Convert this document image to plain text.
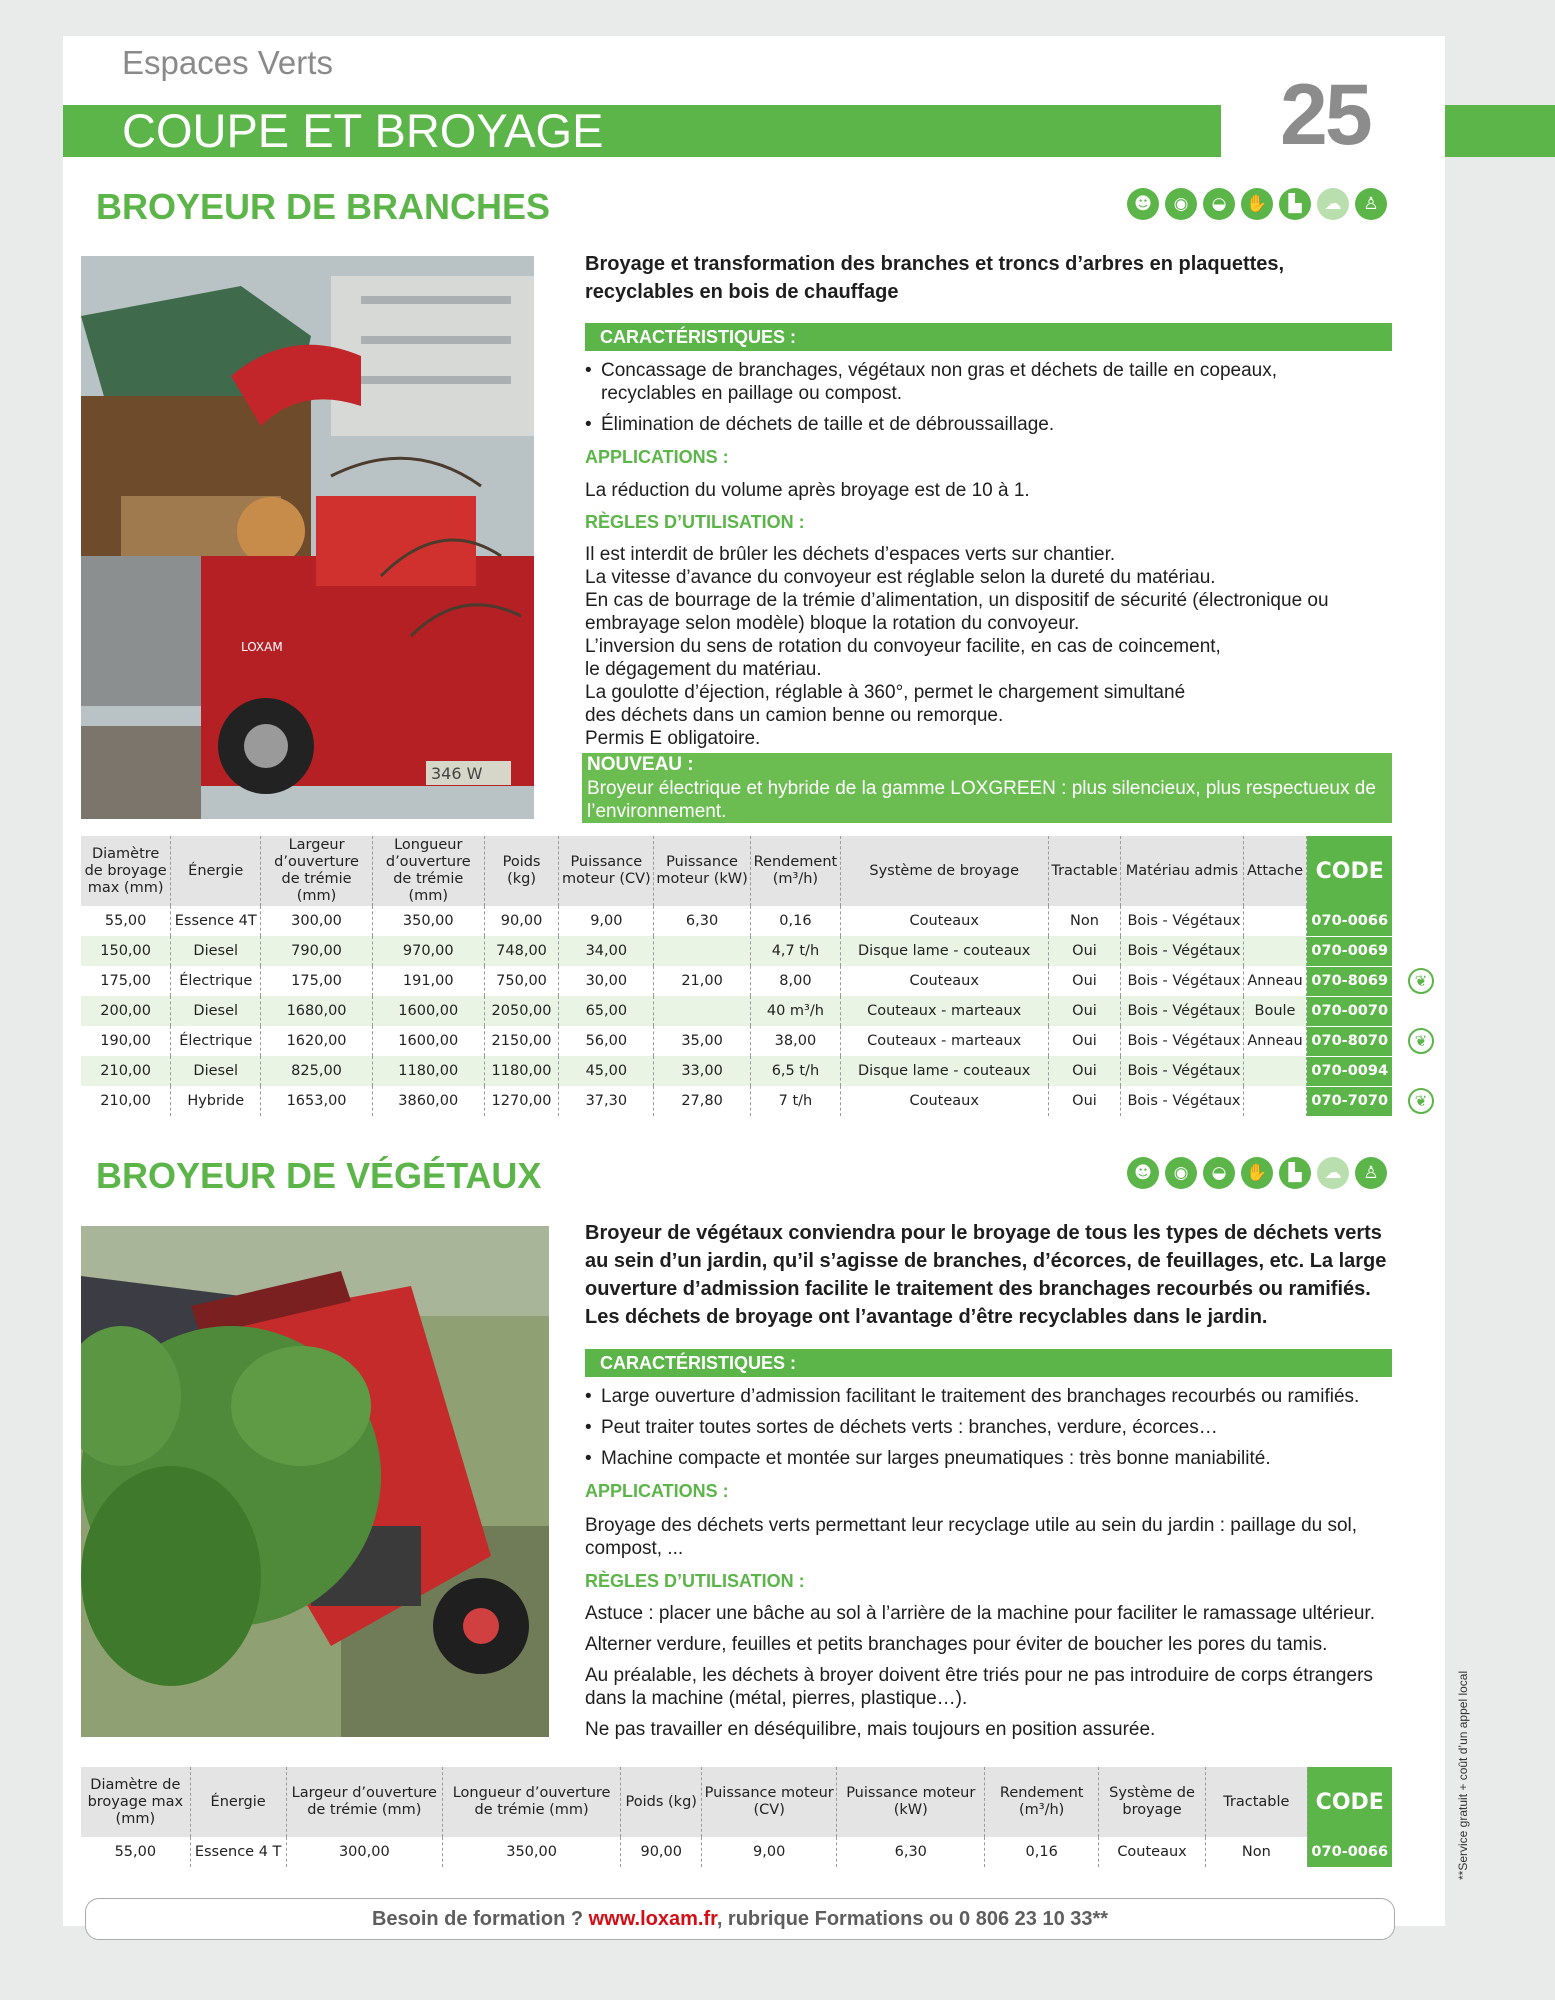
Espaces Verts
COUPE ET BROYAGE	25
BROYEUR DE BRANCHES	☻	◉	◒	✋	▙	☁	♙
LOXAM
346 W
Broyage et transformation des branches et troncs d’arbres en plaquettes, recyclables en bois de chauffage
CARACTÉRISTIQUES :
• Concassage de branchages, végétaux non gras et déchets de taille en copeaux, recyclables en paillage ou compost.
• Élimination de déchets de taille et de débroussaillage.
APPLICATIONS :
La réduction du volume après broyage est de 10 à 1.
RÈGLES D’UTILISATION :
Il est interdit de brûler les déchets d’espaces verts sur chantier.
La vitesse d’avance du convoyeur est réglable selon la dureté du matériau.
En cas de bourrage de la trémie d’alimentation, un dispositif de sécurité (électronique ou
embrayage selon modèle) bloque la rotation du convoyeur.
L’inversion du sens de rotation du convoyeur facilite, en cas de coincement,
le dégagement du matériau.
La goulotte d’éjection, réglable à 360°, permet le chargement simultané
des déchets dans un camion benne ou remorque.
Permis E obligatoire.
NOUVEAU :
Broyeur électrique et hybride de la gamme LOXGREEN : plus silencieux, plus respectueux de l’environnement.
Diamètre de broyage max (mm)	Énergie	Largeur d’ouverture de trémie (mm)	Longueur d’ouverture de trémie (mm)	Poids (kg)	Puissance moteur (CV)	Puissance moteur (kW)	Rendement (m³/h)	Système de broyage	Tractable	Matériau admis	Attache	CODE
55,00	Essence 4T	300,00	350,00	90,00	9,00	6,30	0,16	Couteaux	Non	Bois - Végétaux		070-0066
150,00	Diesel	790,00	970,00	748,00	34,00		4,7 t/h	Disque lame - couteaux	Oui	Bois - Végétaux		070-0069
175,00	Électrique	175,00	191,00	750,00	30,00	21,00	8,00	Couteaux	Oui	Bois - Végétaux	Anneau	070-8069
200,00	Diesel	1680,00	1600,00	2050,00	65,00		40 m³/h	Couteaux - marteaux	Oui	Bois - Végétaux	Boule	070-0070
190,00	Électrique	1620,00	1600,00	2150,00	56,00	35,00	38,00	Couteaux - marteaux	Oui	Bois - Végétaux	Anneau	070-8070
210,00	Diesel	825,00	1180,00	1180,00	45,00	33,00	6,5 t/h	Disque lame - couteaux	Oui	Bois - Végétaux		070-0094
210,00	Hybride	1653,00	3860,00	1270,00	37,30	27,80	7 t/h	Couteaux	Oui	Bois - Végétaux		070-7070
❦
❦
❦
BROYEUR DE VÉGÉTAUX	☻	◉	◒	✋	▙	☁	♙
Broyeur de végétaux conviendra pour le broyage de tous les types de déchets verts au sein d’un jardin, qu’il s’agisse de branches, d’écorces, de feuillages, etc. La large ouverture d’admission facilite le traitement des branchages recourbés ou ramifiés. Les déchets de broyage ont l’avantage d’être recyclables dans le jardin.
CARACTÉRISTIQUES :
• Large ouverture d’admission facilitant le traitement des branchages recourbés ou ramifiés.
• Peut traiter toutes sortes de déchets verts : branches, verdure, écorces…
• Machine compacte et montée sur larges pneumatiques : très bonne maniabilité.
APPLICATIONS :
Broyage des déchets verts permettant leur recyclage utile au sein du jardin : paillage du sol, compost, ...
RÈGLES D’UTILISATION :
Astuce : placer une bâche au sol à l’arrière de la machine pour faciliter le ramassage ultérieur.
Alterner verdure, feuilles et petits branchages pour éviter de boucher les pores du tamis.
Au préalable, les déchets à broyer doivent être triés pour ne pas introduire de corps étrangers dans la machine (métal, pierres, plastique…).
Ne pas travailler en déséquilibre, mais toujours en position assurée.
Diamètre de broyage max (mm)	Énergie	Largeur d’ouverture de trémie (mm)	Longueur d’ouverture de trémie (mm)	Poids (kg)	Puissance moteur (CV)	Puissance moteur (kW)	Rendement (m³/h)	Système de broyage	Tractable	CODE
55,00	Essence 4 T	300,00	350,00	90,00	9,00	6,30	0,16	Couteaux	Non	070-0066
Besoin de formation ? www.loxam.fr, rubrique Formations ou 0 806 23 10 33**
**Service gratuit + coût d’un appel local
